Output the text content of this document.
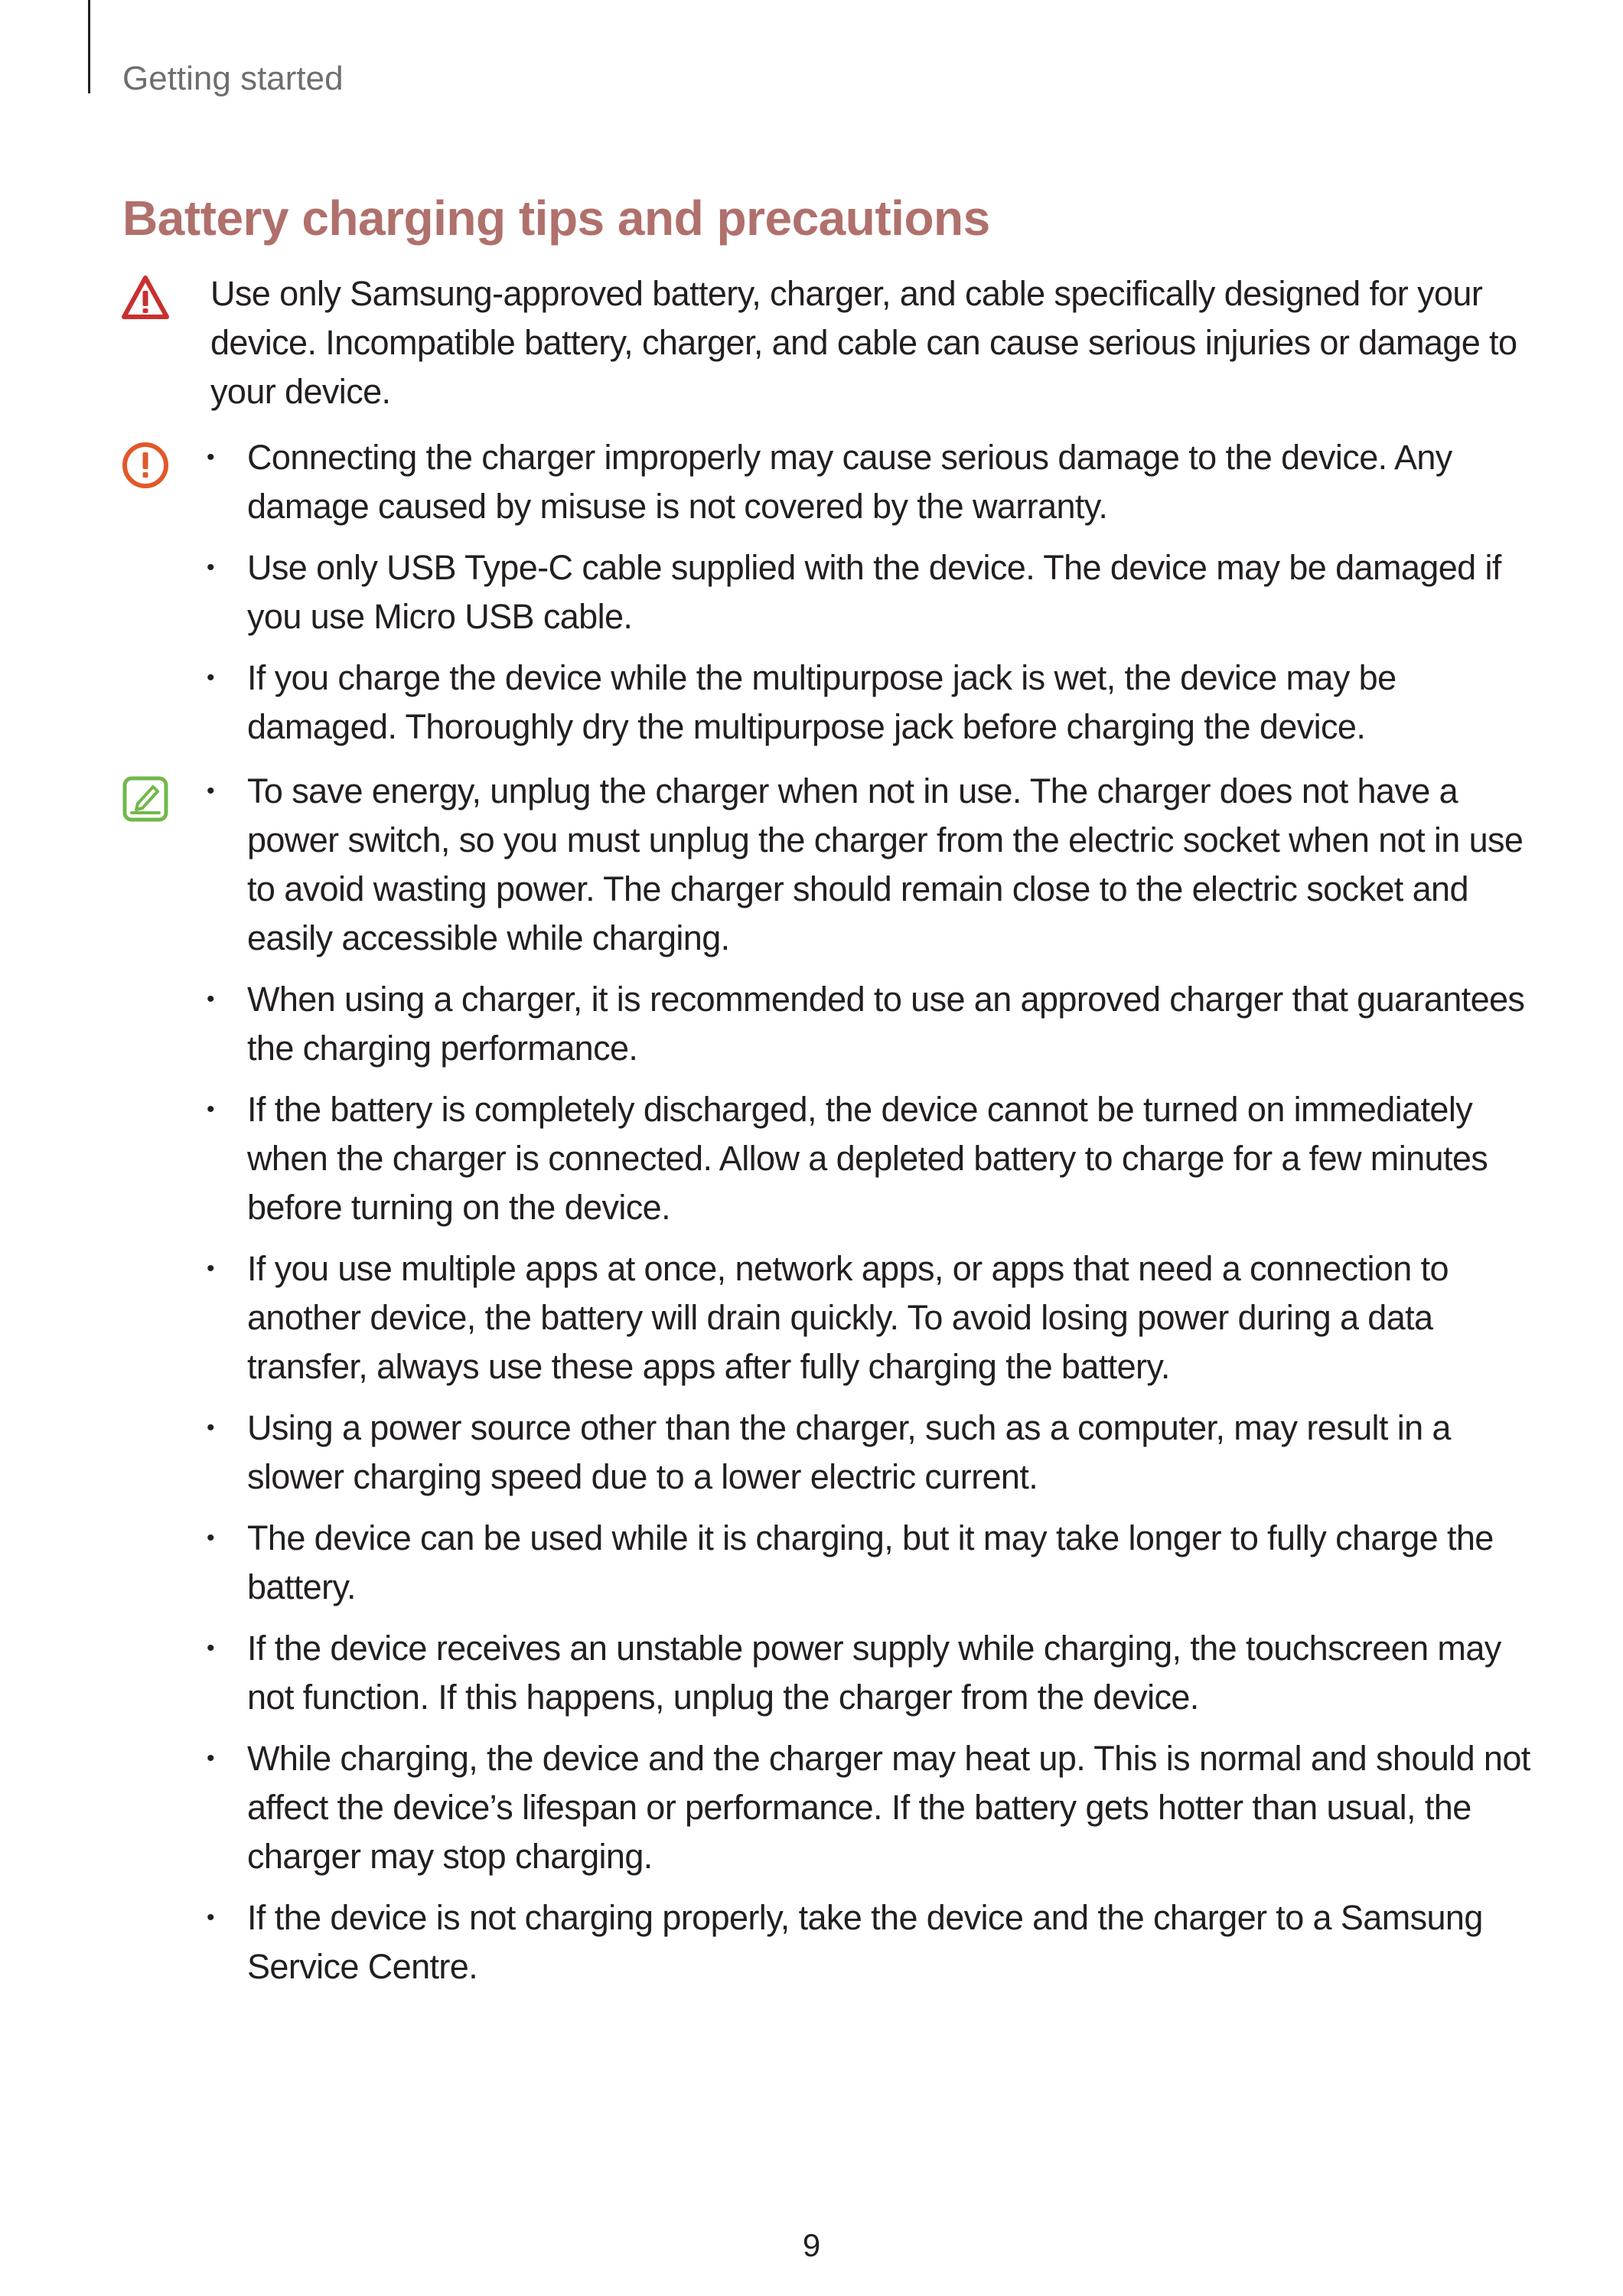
Getting started
Battery charging tips and precautions

Use only Samsung-approved battery, charger, and cable specifically designed for your device. Incompatible battery, charger, and cable can cause serious injuries or damage to your device.

• Connecting the charger improperly may cause serious damage to the device. Any damage caused by misuse is not covered by the warranty.
• Use only USB Type-C cable supplied with the device. The device may be damaged if you use Micro USB cable.
• If you charge the device while the multipurpose jack is wet, the device may be damaged. Thoroughly dry the multipurpose jack before charging the device.
• To save energy, unplug the charger when not in use. The charger does not have a power switch, so you must unplug the charger from the electric socket when not in use to avoid wasting power. The charger should remain close to the electric socket and easily accessible while charging.
• When using a charger, it is recommended to use an approved charger that guarantees the charging performance.
• If the battery is completely discharged, the device cannot be turned on immediately when the charger is connected. Allow a depleted battery to charge for a few minutes before turning on the device.
• If you use multiple apps at once, network apps, or apps that need a connection to another device, the battery will drain quickly. To avoid losing power during a data transfer, always use these apps after fully charging the battery.
• Using a power source other than the charger, such as a computer, may result in a slower charging speed due to a lower electric current.
• The device can be used while it is charging, but it may take longer to fully charge the battery.
• If the device receives an unstable power supply while charging, the touchscreen may not function. If this happens, unplug the charger from the device.
• While charging, the device and the charger may heat up. This is normal and should not affect the device’s lifespan or performance. If the battery gets hotter than usual, the charger may stop charging.
• If the device is not charging properly, take the device and the charger to a Samsung Service Centre.
9
